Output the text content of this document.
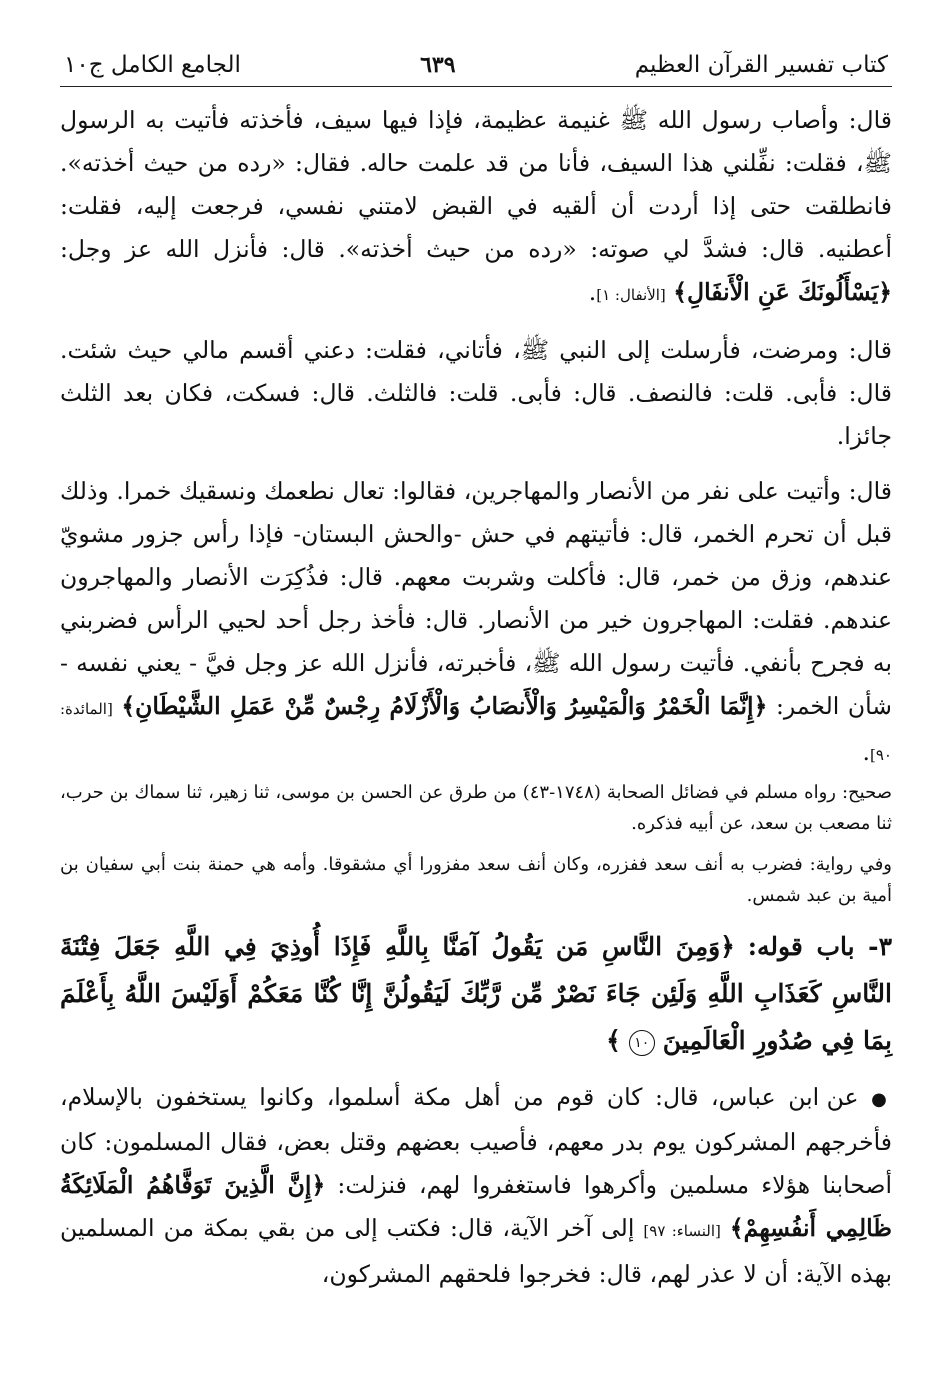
كتاب تفسير القرآن العظيم
٦٣٩
الجامع الكامل ج١٠

قال: وأصاب رسول الله ﷺ غنيمة عظيمة، فإذا فيها سيف، فأخذته فأتيت به الرسول ﷺ، فقلت: نفِّلني هذا السيف، فأنا من قد علمت حاله. فقال: «رده من حيث أخذته». فانطلقت حتى إذا أردت أن ألقيه في القبض لامتني نفسي، فرجعت إليه، فقلت: أعطنيه. قال: فشدَّ لي صوته: «رده من حيث أخذته». قال: فأنزل الله عز وجل: ﴿يَسْأَلُونَكَ عَنِ الْأَنفَالِ﴾ [الأنفال: ١].

قال: ومرضت، فأرسلت إلى النبي ﷺ، فأتاني، فقلت: دعني أقسم مالي حيث شئت. قال: فأبى. قلت: فالنصف. قال: فأبى. قلت: فالثلث. قال: فسكت، فكان بعد الثلث جائزا.

قال: وأتيت على نفر من الأنصار والمهاجرين، فقالوا: تعال نطعمك ونسقيك خمرا. وذلك قبل أن تحرم الخمر، قال: فأتيتهم في حش -والحش البستان- فإذا رأس جزور مشويّ عندهم، وزق من خمر، قال: فأكلت وشربت معهم. قال: فذُكِرَت الأنصار والمهاجرون عندهم. فقلت: المهاجرون خير من الأنصار. قال: فأخذ رجل أحد لحيي الرأس فضربني به فجرح بأنفي. فأتيت رسول الله ﷺ، فأخبرته، فأنزل الله عز وجل فيَّ - يعني نفسه - شأن الخمر: ﴿إِنَّمَا الْخَمْرُ وَالْمَيْسِرُ وَالْأَنصَابُ وَالْأَزْلَامُ رِجْسٌ مِّنْ عَمَلِ الشَّيْطَانِ﴾ [المائدة: ٩٠].

صحيح: رواه مسلم في فضائل الصحابة (١٧٤٨-٤٣) من طرق عن الحسن بن موسى، ثنا زهير، ثنا سماك بن حرب، ثنا مصعب بن سعد، عن أبيه فذكره.

وفي رواية: فضرب به أنف سعد ففزره، وكان أنف سعد مفزورا أي مشقوقا. وأمه هي حمنة بنت أبي سفيان بن أمية بن عبد شمس.

٣- باب قوله: ﴿وَمِنَ النَّاسِ مَن يَقُولُ آمَنَّا بِاللَّهِ فَإِذَا أُوذِيَ فِي اللَّهِ جَعَلَ فِتْنَةَ النَّاسِ كَعَذَابِ اللَّهِ وَلَئِن جَاءَ نَصْرٌ مِّن رَّبِّكَ لَيَقُولُنَّ إِنَّا كُنَّا مَعَكُمْ أَوَلَيْسَ اللَّهُ بِأَعْلَمَ بِمَا فِي صُدُورِ الْعَالَمِينَ ١٠ ﴾

● عن ابن عباس، قال: كان قوم من أهل مكة أسلموا، وكانوا يستخفون بالإسلام، فأخرجهم المشركون يوم بدر معهم، فأصيب بعضهم وقتل بعض، فقال المسلمون: كان أصحابنا هؤلاء مسلمين وأكرهوا فاستغفروا لهم، فنزلت: ﴿إِنَّ الَّذِينَ تَوَفَّاهُمُ الْمَلَائِكَةُ ظَالِمِي أَنفُسِهِمْ﴾ [النساء: ٩٧] إلى آخر الآية، قال: فكتب إلى من بقي بمكة من المسلمين بهذه الآية: أن لا عذر لهم، قال: فخرجوا فلحقهم المشركون،
